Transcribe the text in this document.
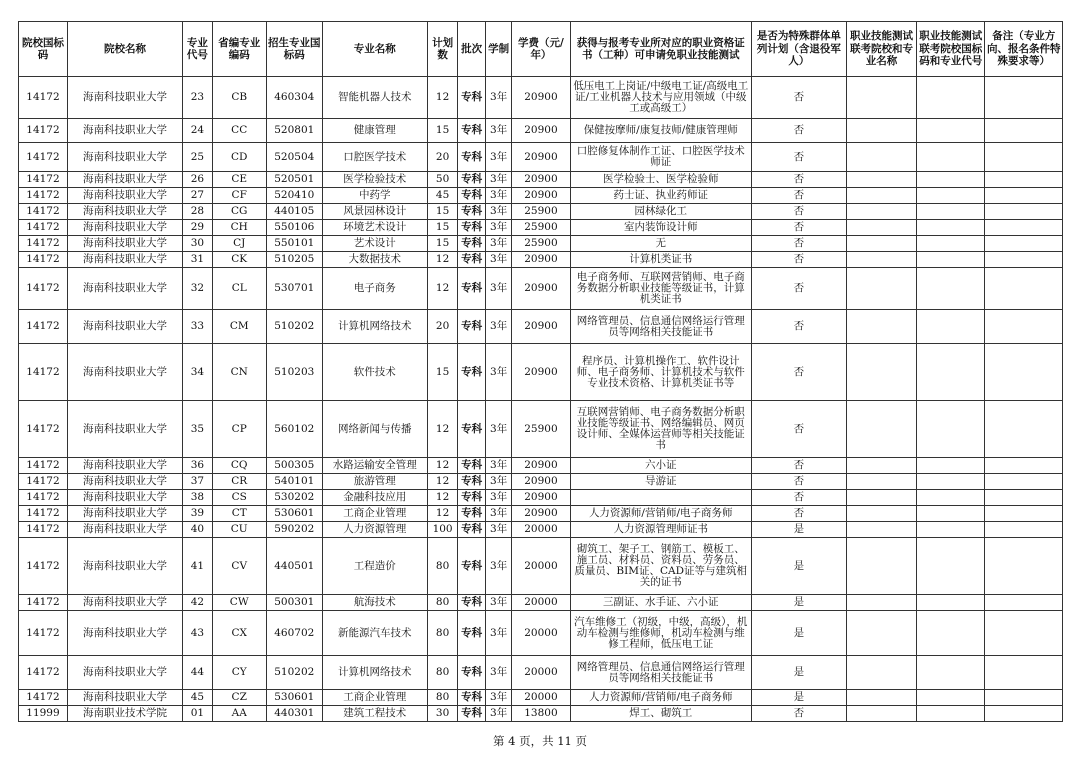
院校国标码	院校名称	专业代号	省编专业编码	招生专业国标码	专业名称	计划数	批次	学制	学费（元/年）	获得与报考专业所对应的职业资格证书（工种）可申请免职业技能测试	是否为特殊群体单列计划（含退役军人）	职业技能测试联考院校和专业名称	职业技能测试联考院校国标码和专业代号	备注（专业方向、报名条件特殊要求等）
14172	海南科技职业大学	23	CB	460304	智能机器人技术	12	专科	3年	20900	低压电工上岗证/中级电工证/高级电工证/工业机器人技术与应用领域（中级工或高级工）	否			
14172	海南科技职业大学	24	CC	520801	健康管理	15	专科	3年	20900	保健按摩师/康复技师/健康管理师	否			
14172	海南科技职业大学	25	CD	520504	口腔医学技术	20	专科	3年	20900	口腔修复体制作工证、口腔医学技术师证	否			
14172	海南科技职业大学	26	CE	520501	医学检验技术	50	专科	3年	20900	医学检验士、医学检验师	否			
14172	海南科技职业大学	27	CF	520410	中药学	45	专科	3年	20900	药士证、执业药师证	否			
14172	海南科技职业大学	28	CG	440105	风景园林设计	15	专科	3年	25900	园林绿化工	否			
14172	海南科技职业大学	29	CH	550106	环境艺术设计	15	专科	3年	25900	室内装饰设计师	否			
14172	海南科技职业大学	30	CJ	550101	艺术设计	15	专科	3年	25900	无	否			
14172	海南科技职业大学	31	CK	510205	大数据技术	12	专科	3年	20900	计算机类证书	否			
14172	海南科技职业大学	32	CL	530701	电子商务	12	专科	3年	20900	电子商务师、互联网营销师、电子商务数据分析职业技能等级证书，计算机类证书	否			
14172	海南科技职业大学	33	CM	510202	计算机网络技术	20	专科	3年	20900	网络管理员、信息通信网络运行管理员等网络相关技能证书	否			
14172	海南科技职业大学	34	CN	510203	软件技术	15	专科	3年	20900	程序员、计算机操作工、软件设计师、电子商务师、计算机技术与软件专业技术资格、计算机类证书等	否			
14172	海南科技职业大学	35	CP	560102	网络新闻与传播	12	专科	3年	25900	互联网营销师、电子商务数据分析职业技能等级证书、网络编辑员、网页设计师、全媒体运营师等相关技能证书	否			
14172	海南科技职业大学	36	CQ	500305	水路运输安全管理	12	专科	3年	20900	六小证	否			
14172	海南科技职业大学	37	CR	540101	旅游管理	12	专科	3年	20900	导游证	否			
14172	海南科技职业大学	38	CS	530202	金融科技应用	12	专科	3年	20900		否			
14172	海南科技职业大学	39	CT	530601	工商企业管理	12	专科	3年	20900	人力资源师/营销师/电子商务师	否			
14172	海南科技职业大学	40	CU	590202	人力资源管理	100	专科	3年	20000	人力资源管理师证书	是			
14172	海南科技职业大学	41	CV	440501	工程造价	80	专科	3年	20000	砌筑工、架子工、钢筋工、模板工、施工员、材料员、资料员、劳务员、质量员、BIM证、CAD证等与建筑相关的证书	是			
14172	海南科技职业大学	42	CW	500301	航海技术	80	专科	3年	20000	三副证、水手证、六小证	是			
14172	海南科技职业大学	43	CX	460702	新能源汽车技术	80	专科	3年	20000	汽车维修工（初级，中级，高级），机动车检测与维修师，机动车检测与维修工程师，低压电工证	是			
14172	海南科技职业大学	44	CY	510202	计算机网络技术	80	专科	3年	20000	网络管理员、信息通信网络运行管理员等网络相关技能证书	是			
14172	海南科技职业大学	45	CZ	530601	工商企业管理	80	专科	3年	20000	人力资源师/营销师/电子商务师	是			
11999	海南职业技术学院	01	AA	440301	建筑工程技术	30	专科	3年	13800	焊工、砌筑工	否			
第 4 页，共 11 页
